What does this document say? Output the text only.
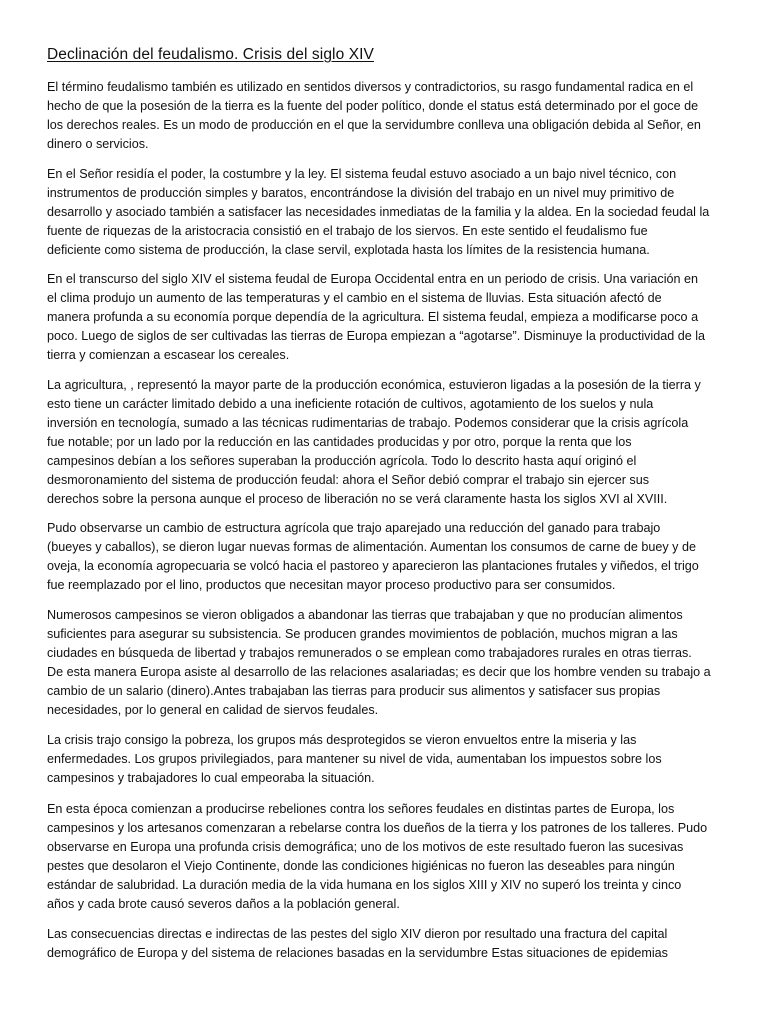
Declinación del feudalismo. Crisis del siglo XIV

El término feudalismo también es utilizado en sentidos diversos y contradictorios, su rasgo fundamental radica en el
hecho de que la posesión de la tierra es la fuente del poder político, donde el status está determinado por el goce de
los derechos reales. Es un modo de producción en el que la servidumbre conlleva una obligación debida al Señor, en
dinero o servicios.

En el Señor residía el poder, la costumbre y la ley. El sistema feudal estuvo asociado a un bajo nivel técnico, con
instrumentos de producción simples y baratos, encontrándose la división del trabajo en un nivel muy primitivo de
desarrollo y asociado también a satisfacer las necesidades inmediatas de la familia y la aldea. En la sociedad feudal la
fuente de riquezas de la aristocracia consistió en el trabajo de los siervos. En este sentido el feudalismo fue
deficiente como sistema de producción, la clase servil, explotada hasta los límites de la resistencia humana.

En el transcurso del siglo XIV el sistema feudal de Europa Occidental entra en un periodo de crisis. Una variación en
el clima produjo un aumento de las temperaturas y el cambio en el sistema de lluvias. Esta situación afectó de
manera profunda a su economía porque dependía de la agricultura. El sistema feudal, empieza a modificarse poco a
poco. Luego de siglos de ser cultivadas las tierras de Europa empiezan a “agotarse”. Disminuye la productividad de la
tierra y comienzan a escasear los cereales.

La agricultura, , representó la mayor parte de la producción económica, estuvieron ligadas a la posesión de la tierra y
esto tiene un carácter limitado debido a una ineficiente rotación de cultivos, agotamiento de los suelos y nula
inversión en tecnología, sumado a las técnicas rudimentarias de trabajo. Podemos considerar que la crisis agrícola
fue notable; por un lado por la reducción en las cantidades producidas y por otro, porque la renta que los
campesinos debían a los señores superaban la producción agrícola. Todo lo descrito hasta aquí originó el
desmoronamiento del sistema de producción feudal: ahora el Señor debió comprar el trabajo sin ejercer sus
derechos sobre la persona aunque el proceso de liberación no se verá claramente hasta los siglos XVI al XVIII.

Pudo observarse un cambio de estructura agrícola que trajo aparejado una reducción del ganado para trabajo
(bueyes y caballos), se dieron lugar nuevas formas de alimentación. Aumentan los consumos de carne de buey y de
oveja, la economía agropecuaria se volcó hacia el pastoreo y aparecieron las plantaciones frutales y viñedos, el trigo
fue reemplazado por el lino, productos que necesitan mayor proceso productivo para ser consumidos.

Numerosos campesinos se vieron obligados a abandonar las tierras que trabajaban y que no producían alimentos
suficientes para asegurar su subsistencia. Se producen grandes movimientos de población, muchos migran a las
ciudades en búsqueda de libertad y trabajos remunerados o se emplean como trabajadores rurales en otras tierras.
De esta manera Europa asiste al desarrollo de las relaciones asalariadas; es decir que los hombre venden su trabajo a
cambio de un salario (dinero).Antes trabajaban las tierras para producir sus alimentos y satisfacer sus propias
necesidades, por lo general en calidad de siervos feudales.

La crisis trajo consigo la pobreza, los grupos más desprotegidos se vieron envueltos entre la miseria y las
enfermedades. Los grupos privilegiados, para mantener su nivel de vida, aumentaban los impuestos sobre los
campesinos y trabajadores lo cual empeoraba la situación.

En esta época comienzan a producirse rebeliones contra los señores feudales en distintas partes de Europa, los
campesinos y los artesanos comenzaran a rebelarse contra los dueños de la tierra y los patrones de los talleres. Pudo
observarse en Europa una profunda crisis demográfica; uno de los motivos de este resultado fueron las sucesivas
pestes que desolaron el Viejo Continente, donde las condiciones higiénicas no fueron las deseables para ningún
estándar de salubridad. La duración media de la vida humana en los siglos XIII y XIV no superó los treinta y cinco
años y cada brote causó severos daños a la población general.

Las consecuencias directas e indirectas de las pestes del siglo XIV dieron por resultado una fractura del capital
demográfico de Europa y del sistema de relaciones basadas en la servidumbre Estas situaciones de epidemias
